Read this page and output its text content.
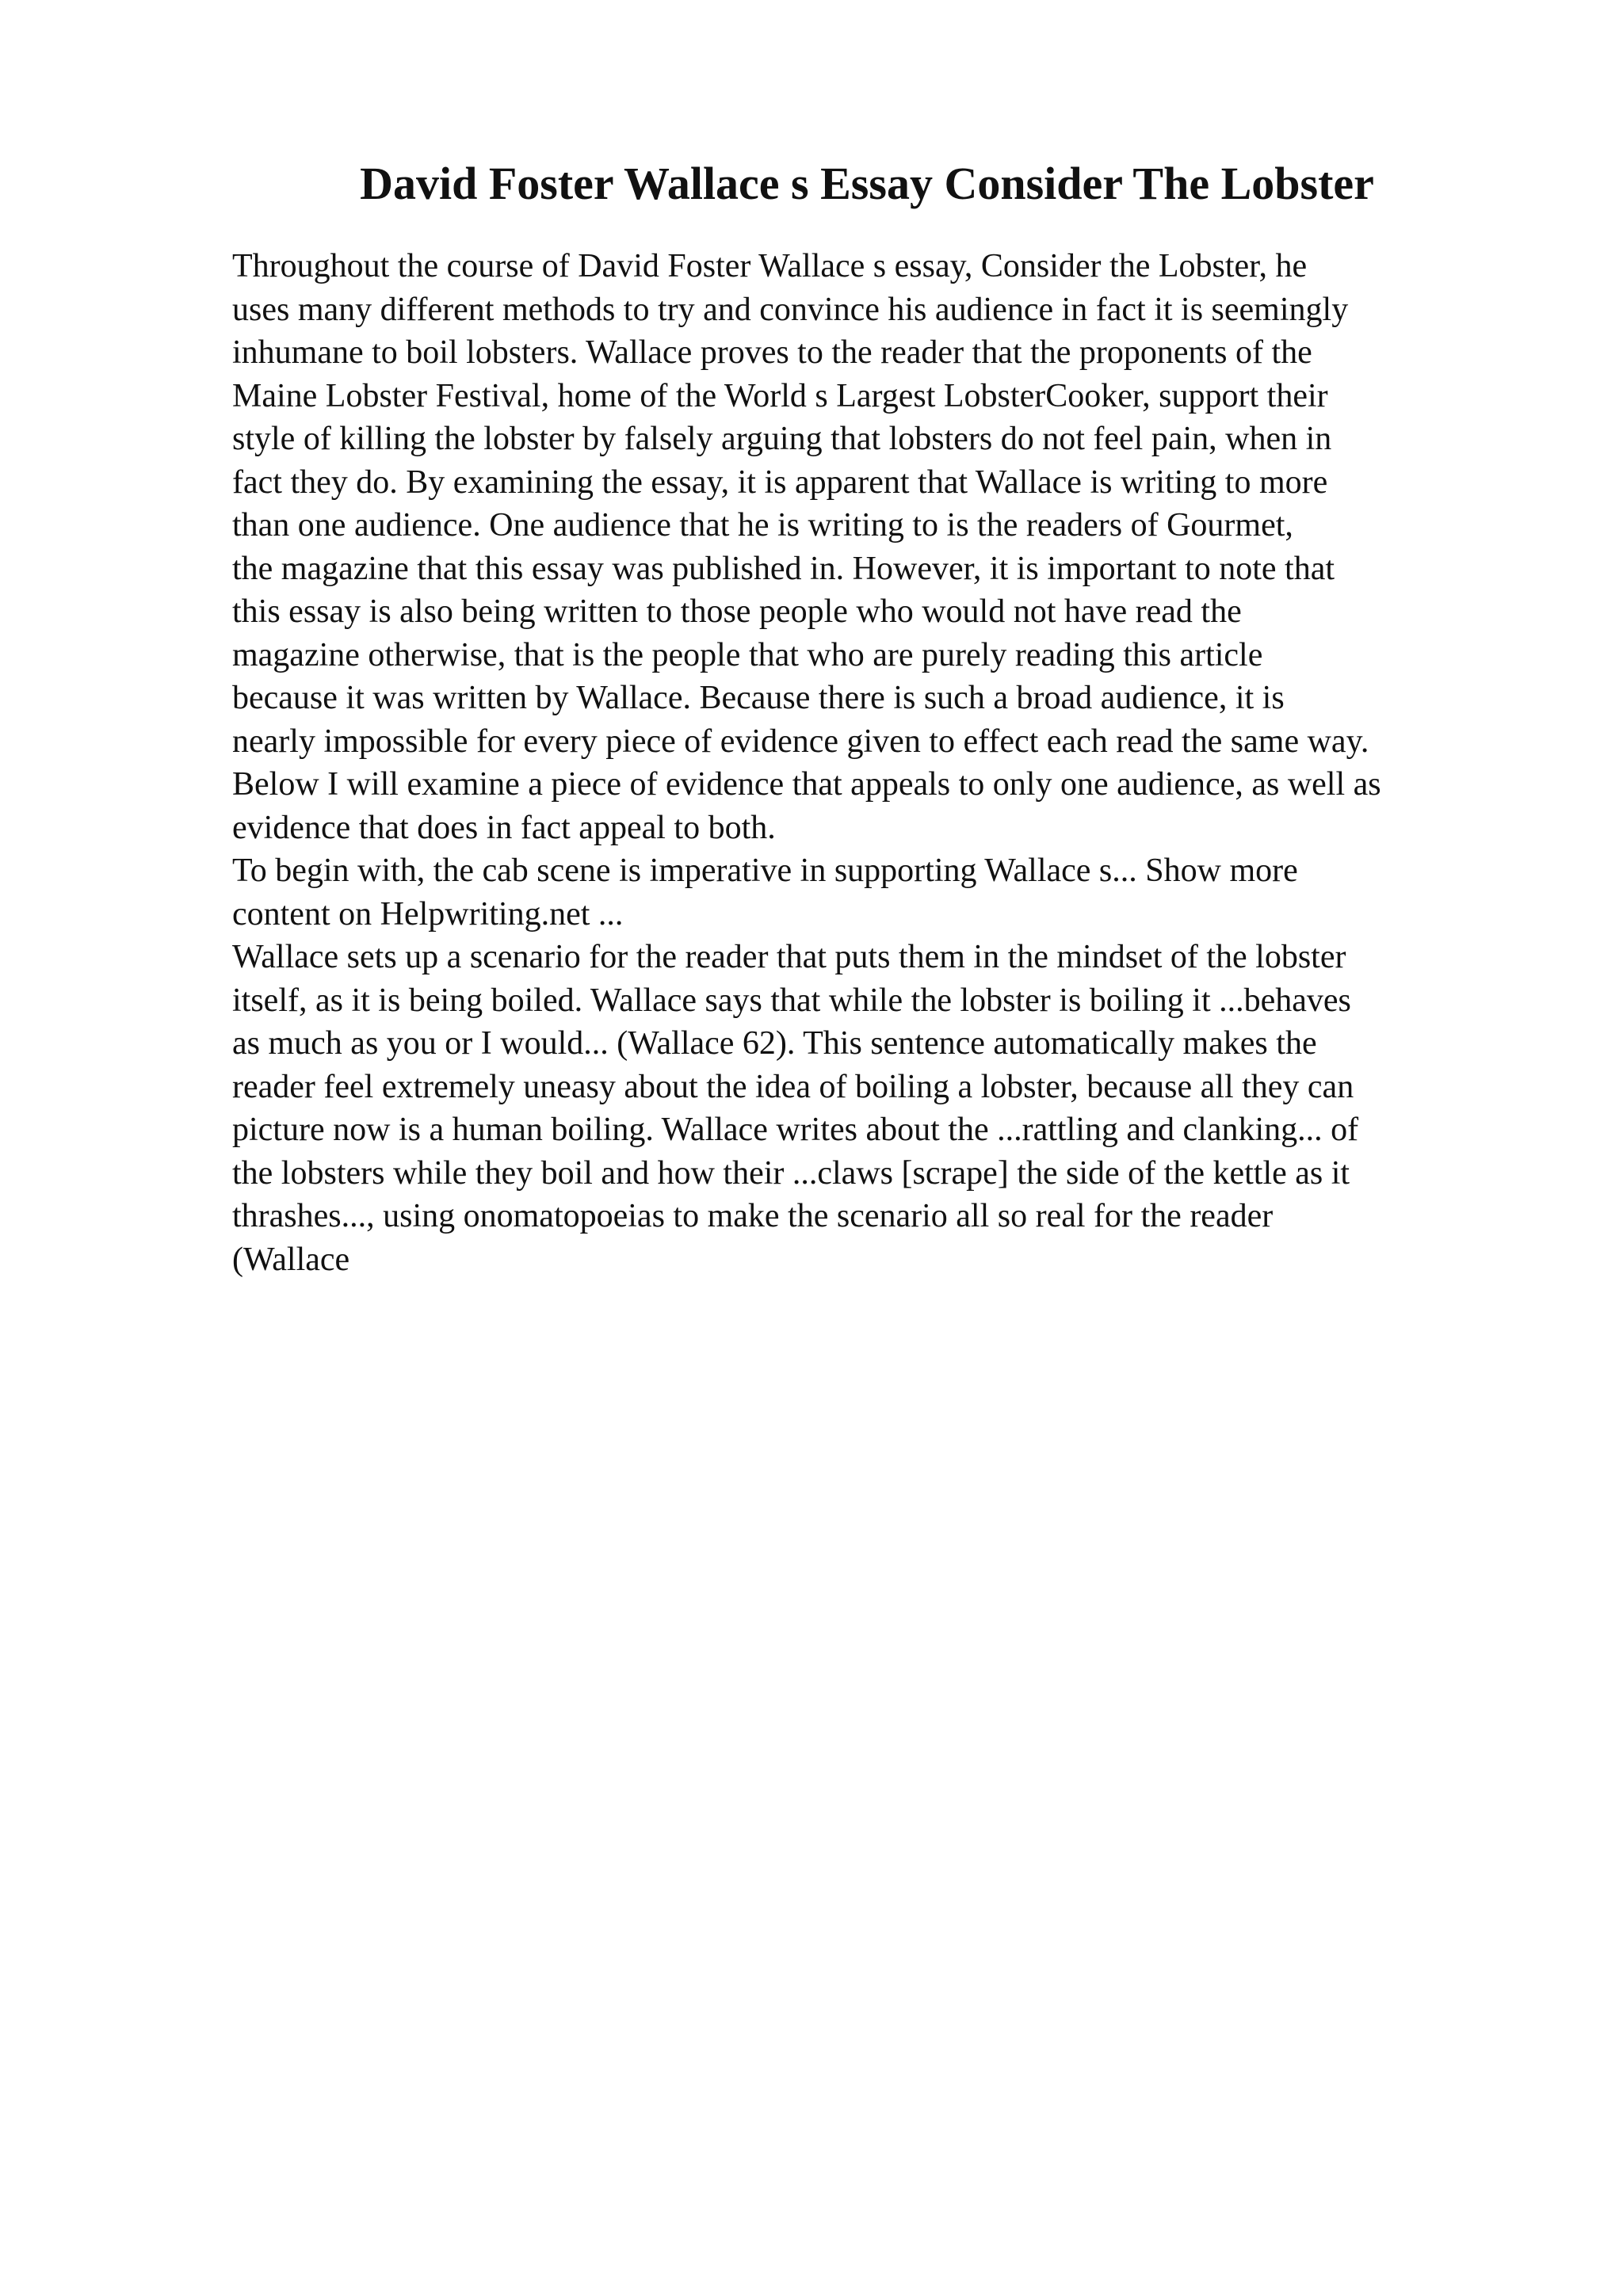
David Foster Wallace s Essay Consider The Lobster
Throughout the course of David Foster Wallace s essay, Consider the Lobster, he
uses many different methods to try and convince his audience in fact it is seemingly
inhumane to boil lobsters. Wallace proves to the reader that the proponents of the
Maine Lobster Festival, home of the World s Largest LobsterCooker, support their
style of killing the lobster by falsely arguing that lobsters do not feel pain, when in
fact they do. By examining the essay, it is apparent that Wallace is writing to more
than one audience. One audience that he is writing to is the readers of Gourmet,
the magazine that this essay was published in. However, it is important to note that
this essay is also being written to those people who would not have read the
magazine otherwise, that is the people that who are purely reading this article
because it was written by Wallace. Because there is such a broad audience, it is
nearly impossible for every piece of evidence given to effect each read the same way.
Below I will examine a piece of evidence that appeals to only one audience, as well as
evidence that does in fact appeal to both.
To begin with, the cab scene is imperative in supporting Wallace s... Show more
content on Helpwriting.net ...
Wallace sets up a scenario for the reader that puts them in the mindset of the lobster
itself, as it is being boiled. Wallace says that while the lobster is boiling it ...behaves
as much as you or I would... (Wallace 62). This sentence automatically makes the
reader feel extremely uneasy about the idea of boiling a lobster, because all they can
picture now is a human boiling. Wallace writes about the ...rattling and clanking... of
the lobsters while they boil and how their ...claws [scrape] the side of the kettle as it
thrashes..., using onomatopoeias to make the scenario all so real for the reader
(Wallace
